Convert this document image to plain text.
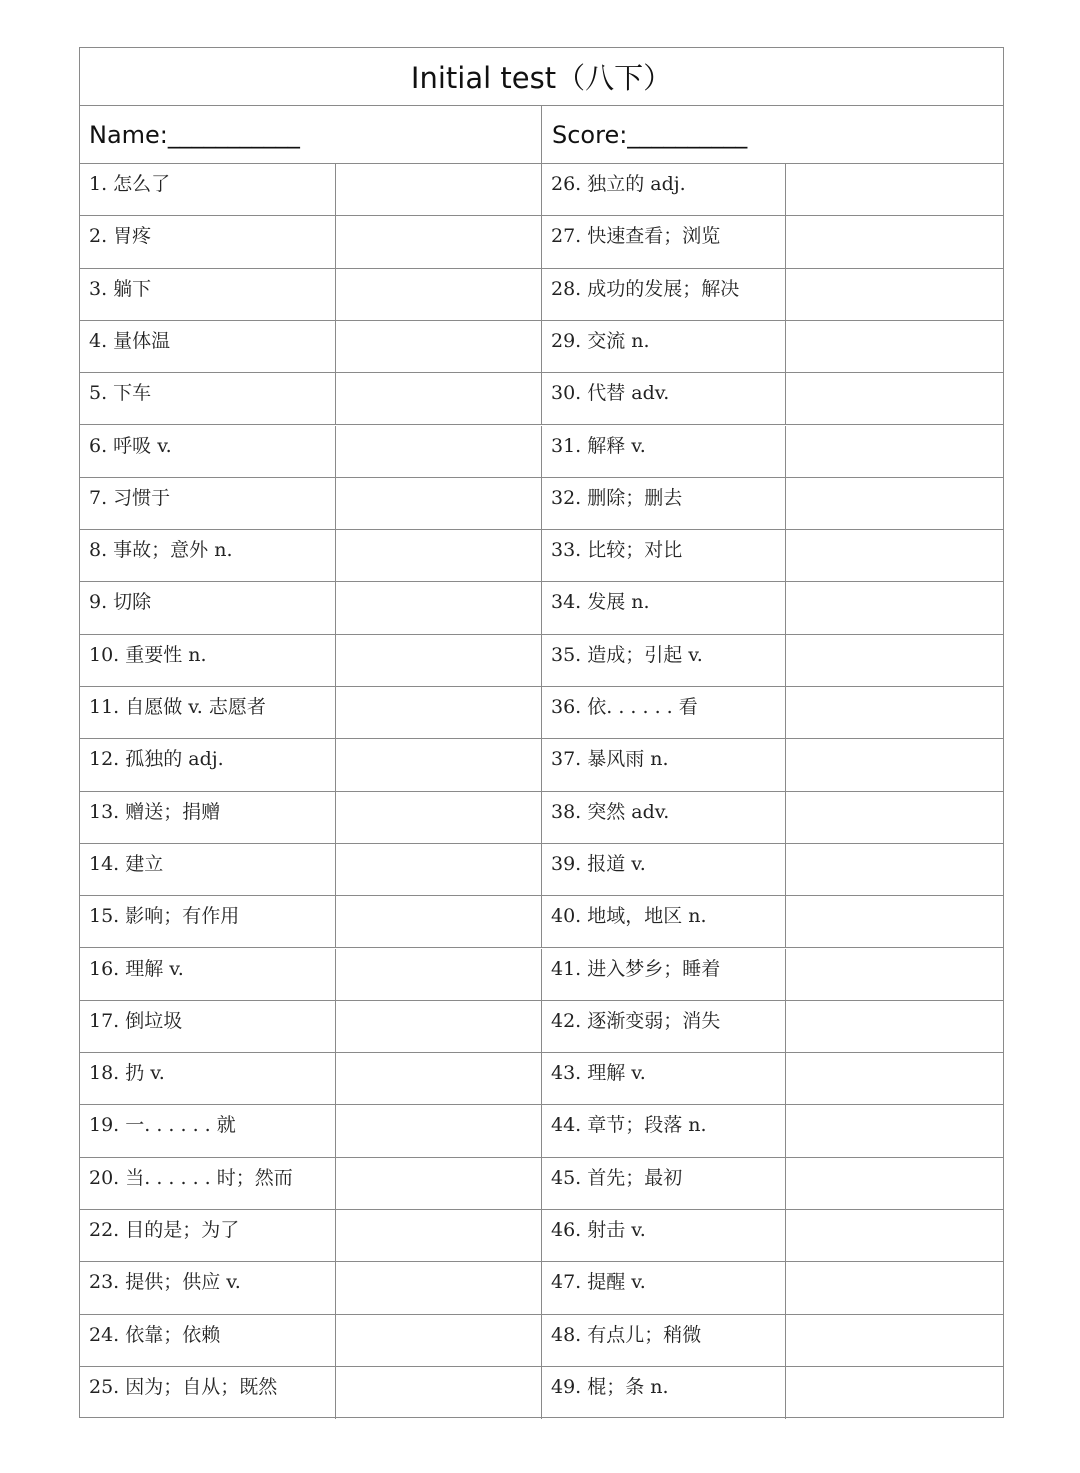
Initial test（八下）
Name:___________	Score:__________
1. 怎么了	26. 独立的 adj.
2. 胃疼	27. 快速查看；浏览
3. 躺下	28. 成功的发展；解决
4. 量体温	29. 交流 n.
5. 下车	30. 代替 adv.
6. 呼吸 v.	31. 解释 v.
7. 习惯于	32. 删除；删去
8. 事故；意外 n.	33. 比较；对比
9. 切除	34. 发展 n.
10. 重要性 n.	35. 造成；引起 v.
11. 自愿做 v. 志愿者	36. 依. . . . . . 看
12. 孤独的 adj.	37. 暴风雨 n.
13. 赠送；捐赠	38. 突然 adv.
14. 建立	39. 报道 v.
15. 影响；有作用	40. 地域，地区 n.
16. 理解 v.	41. 进入梦乡；睡着
17. 倒垃圾	42. 逐渐变弱；消失
18. 扔 v.	43. 理解 v.
19. 一. . . . . . 就	44. 章节；段落 n.
20. 当. . . . . . 时；然而	45. 首先；最初
22. 目的是；为了	46. 射击 v.
23. 提供；供应 v.	47. 提醒 v.
24. 依靠；依赖	48. 有点儿；稍微
25. 因为；自从；既然	49. 棍；条 n.
